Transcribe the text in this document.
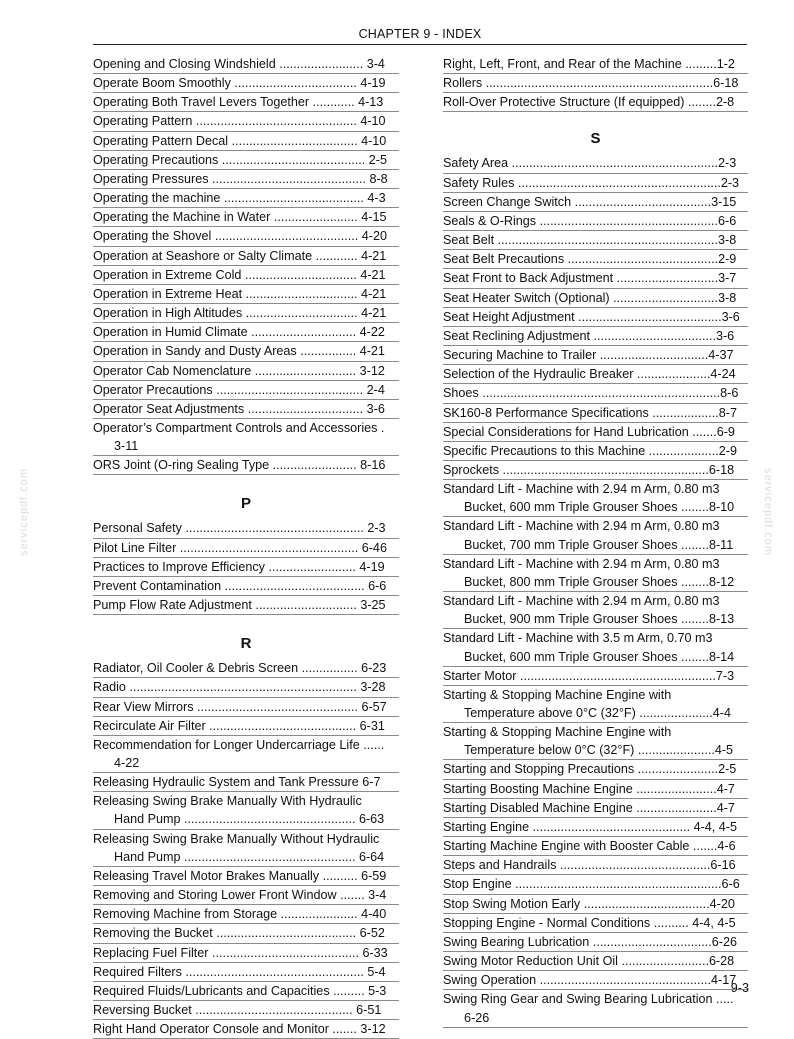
CHAPTER 9 - INDEX
Opening and Closing Windshield ........................ 3-4
Operate Boom Smoothly ................................... 4-19
Operating Both Travel Levers Together ............ 4-13
Operating Pattern .............................................. 4-10
Operating Pattern Decal .................................... 4-10
Operating Precautions ......................................... 2-5
Operating Pressures ............................................ 8-8
Operating the machine ........................................ 4-3
Operating the Machine in Water ........................ 4-15
Operating the Shovel ......................................... 4-20
Operation at Seashore or Salty Climate ............ 4-21
Operation in Extreme Cold ................................ 4-21
Operation in Extreme Heat ................................ 4-21
Operation in High Altitudes ................................ 4-21
Operation in Humid Climate .............................. 4-22
Operation in Sandy and Dusty Areas ................ 4-21
Operator Cab Nomenclature ............................. 3-12
Operator Precautions .......................................... 2-4
Operator Seat Adjustments ................................. 3-6
Operator’s Compartment Controls and Accessories .
3-11
ORS Joint (O-ring Sealing Type ........................ 8-16
P
Personal Safety ................................................... 2-3
Pilot Line Filter ................................................... 6-46
Practices to Improve Efficiency ......................... 4-19
Prevent Contamination ........................................ 6-6
Pump Flow Rate Adjustment ............................. 3-25
R
Radiator, Oil Cooler & Debris Screen ................ 6-23
Radio ................................................................. 3-28
Rear View Mirrors .............................................. 6-57
Recirculate Air Filter .......................................... 6-31
Recommendation for Longer Undercarriage Life ......
4-22
Releasing Hydraulic System and Tank Pressure 6-7
Releasing Swing Brake Manually With Hydraulic
Hand Pump ................................................. 6-63
Releasing Swing Brake Manually Without Hydraulic
Hand Pump ................................................. 6-64
Releasing Travel Motor Brakes Manually .......... 6-59
Removing and Storing Lower Front Window ....... 3-4
Removing Machine from Storage ...................... 4-40
Removing the Bucket ........................................ 6-52
Replacing Fuel Filter .......................................... 6-33
Required Filters ................................................... 5-4
Required Fluids/Lubricants and Capacities ......... 5-3
Reversing Bucket ............................................. 6-51
Right Hand Operator Console and Monitor ....... 3-12
Right, Left, Front, and Rear of the Machine .........1-2
Rollers .................................................................6-18
Roll-Over Protective Structure (If equipped) ........2-8
S
Safety Area ...........................................................2-3
Safety Rules ..........................................................2-3
Screen Change Switch .......................................3-15
Seals & O-Rings ...................................................6-6
Seat Belt ...............................................................3-8
Seat Belt Precautions ...........................................2-9
Seat Front to Back Adjustment .............................3-7
Seat Heater Switch (Optional) ..............................3-8
Seat Height Adjustment .........................................3-6
Seat Reclining Adjustment ...................................3-6
Securing Machine to Trailer ...............................4-37
Selection of the Hydraulic Breaker .....................4-24
Shoes ....................................................................8-6
SK160-8 Performance Specifications ...................8-7
Special Considerations for Hand Lubrication .......6-9
Specific Precautions to this Machine ....................2-9
Sprockets ...........................................................6-18
Standard Lift - Machine with 2.94 m Arm, 0.80 m3
Bucket, 600 mm Triple Grouser Shoes ........8-10
Standard Lift - Machine with 2.94 m Arm, 0.80 m3
Bucket, 700 mm Triple Grouser Shoes ........8-11
Standard Lift - Machine with 2.94 m Arm, 0.80 m3
Bucket, 800 mm Triple Grouser Shoes ........8-12
Standard Lift - Machine with 2.94 m Arm, 0.80 m3
Bucket, 900 mm Triple Grouser Shoes ........8-13
Standard Lift - Machine with 3.5 m Arm, 0.70 m3
Bucket, 600 mm Triple Grouser Shoes ........8-14
Starter Motor ........................................................7-3
Starting & Stopping Machine Engine with
Temperature above 0°C (32°F) .....................4-4
Starting & Stopping Machine Engine with
Temperature below 0°C (32°F) ......................4-5
Starting and Stopping Precautions .......................2-5
Starting Boosting Machine Engine .......................4-7
Starting Disabled Machine Engine .......................4-7
Starting Engine ............................................. 4-4, 4-5
Starting Machine Engine with Booster Cable .......4-6
Steps and Handrails ...........................................6-16
Stop Engine ...........................................................6-6
Stop Swing Motion Early ....................................4-20
Stopping Engine - Normal Conditions .......... 4-4, 4-5
Swing Bearing Lubrication ..................................6-26
Swing Motor Reduction Unit Oil .........................6-28
Swing Operation .................................................4-17
Swing Ring Gear and Swing Bearing Lubrication .....
6-26
servicepdf.com	servicepdf.com
9-3
